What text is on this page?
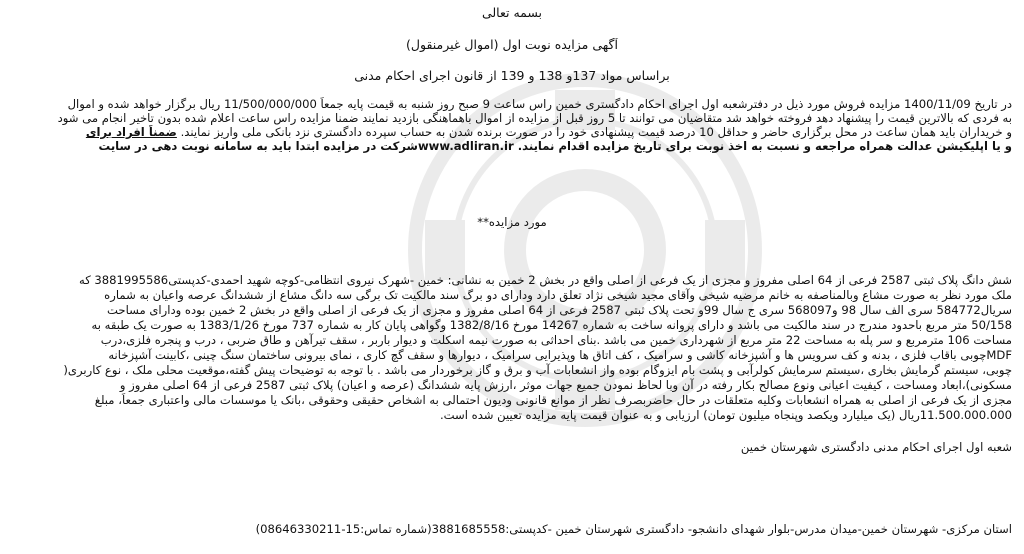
بسمه تعالی
آگهی مزایده نوبت اول (اموال غیرمنقول)
براساس مواد 137و 138 و 139 از قانون اجرای احکام مدنی
در تاریخ 1400/11/09 مزایده فروش مورد ذیل در دفترشعبه اول اجرای احکام دادگستری خمین راس ساعت 9 صبح روز شنبه به قیمت پایه جمعاً 11/500/000/000 ریال برگزار خواهد شده و اموال
به فردی که بالاترین قیمت را پیشنهاد دهد فروخته خواهد شد متقاضیان می توانند تا 5 روز قبل از مزایده از اموال باهماهنگی بازدید نمایند ضمنا مزایده راس ساعت اعلام شده بدون تاخیر انجام می شود
و خریداران باید همان ساعت در محل برگزاری حاضر و حداقل 10 درصد قیمت پیشنهادی خود را در صورت برنده شدن به حساب سپرده دادگستری نزد بانکی ملی واریز نمایند. ضمناً افراد برای
و یا اپلیکیشن عدالت همراه مراجعه و نسبت به اخذ نوبت برای تاریخ مزایده اقدام نمایند. www.adliran.irشرکت در مزایده ابتدا باید به سامانه نوبت دهی در سایت
مورد مزایده**
شش دانگ پلاک ثبتی 2587 فرعی از 64 اصلی مفروز و مجزی از یک فرعی از اصلی واقع در بخش 2 خمین به نشانی: خمین -شهرک نیروی انتظامی-کوچه شهید احمدی-کدپستی3881995586 که
ملک مورد نظر به صورت مشاع وبالمناصفه به خانم مرضیه شیخی وآقای مجید شیخی نژاد تعلق دارد ودارای دو برگ سند مالکیت تک برگی سه دانگ مشاع از ششدانگ عرصه واعیان به شماره
سریال584772 سری الف سال 98 و568097 سری ج سال 99و تحت پلاک ثبتی 2587 فرعی از 64 اصلی مفروز و مجزی از یک فرعی از اصلی واقع در بخش 2 خمین بوده ودارای مساحت
50/158 متر مربع باحدود مندرج در سند مالکیت می باشد و دارای پروانه ساخت به شماره 14267 مورخ 1382/8/16 وگواهی پایان کار به شماره 737 مورخ 1383/1/26 به صورت یک طبقه به
مساحت 106 مترمربع و سر پله به مساحت 22 متر مربع از شهرداری خمین می باشد .بنای احداثی به صورت نیمه اسکلت و دیوار باربر ، سقف تیرآهن و طاق ضربی ، درب و پنجره فلزی،درب
MDFچوبی باقاب فلزی ، بدنه و کف سرویس ها و آشپزخانه کاشی و سرامیک ، کف اتاق ها وپذیرایی سرامیک ، دیوارها و سقف گچ کاری ، نمای بیرونی ساختمان سنگ چینی ،کابینت آشپزخانه
چوبی، سیستم گرمایش بخاری ،سیستم سرمایش کولرآبی و پشت بام ایزوگام بوده واز انشعابات آب و برق و گاز برخوردار می باشد . با توجه به توضیحات پیش گفته،موقعیت محلی ملک ، نوع کاربری(
مسکونی)،ابعاد ومساحت ، کیفیت اعیانی ونوع مصالح بکار رفته در آن وبا لحاظ نمودن جمیع جهات موثر ،ارزش پایه ششدانگ (عرصه و اعیان) پلاک ثبتی 2587 فرعی از 64 اصلی مفروز و
مجزی از یک فرعی از اصلی به همراه انشعابات وکلیه متعلقات در حال حاضربصرف نظر از موانع قانونی ودیون احتمالی به اشخاص حقیقی وحقوقی ،بانک یا موسسات مالی واعتباری جمعاً، مبلغ
11.500.000.000ریال (یک میلیارد ویکصد وپنجاه میلیون تومان) ارزیابی و به عنوان قیمت پایه مزایده تعیین شده است.
شعبه اول اجرای احکام مدنی دادگستری شهرستان خمین
استان مرکزی- شهرستان خمین-میدان مدرس-بلوار شهدای دانشجو- دادگستری شهرستان خمین -کدپستی:3881685558(شماره تماس:15-08646330211)
